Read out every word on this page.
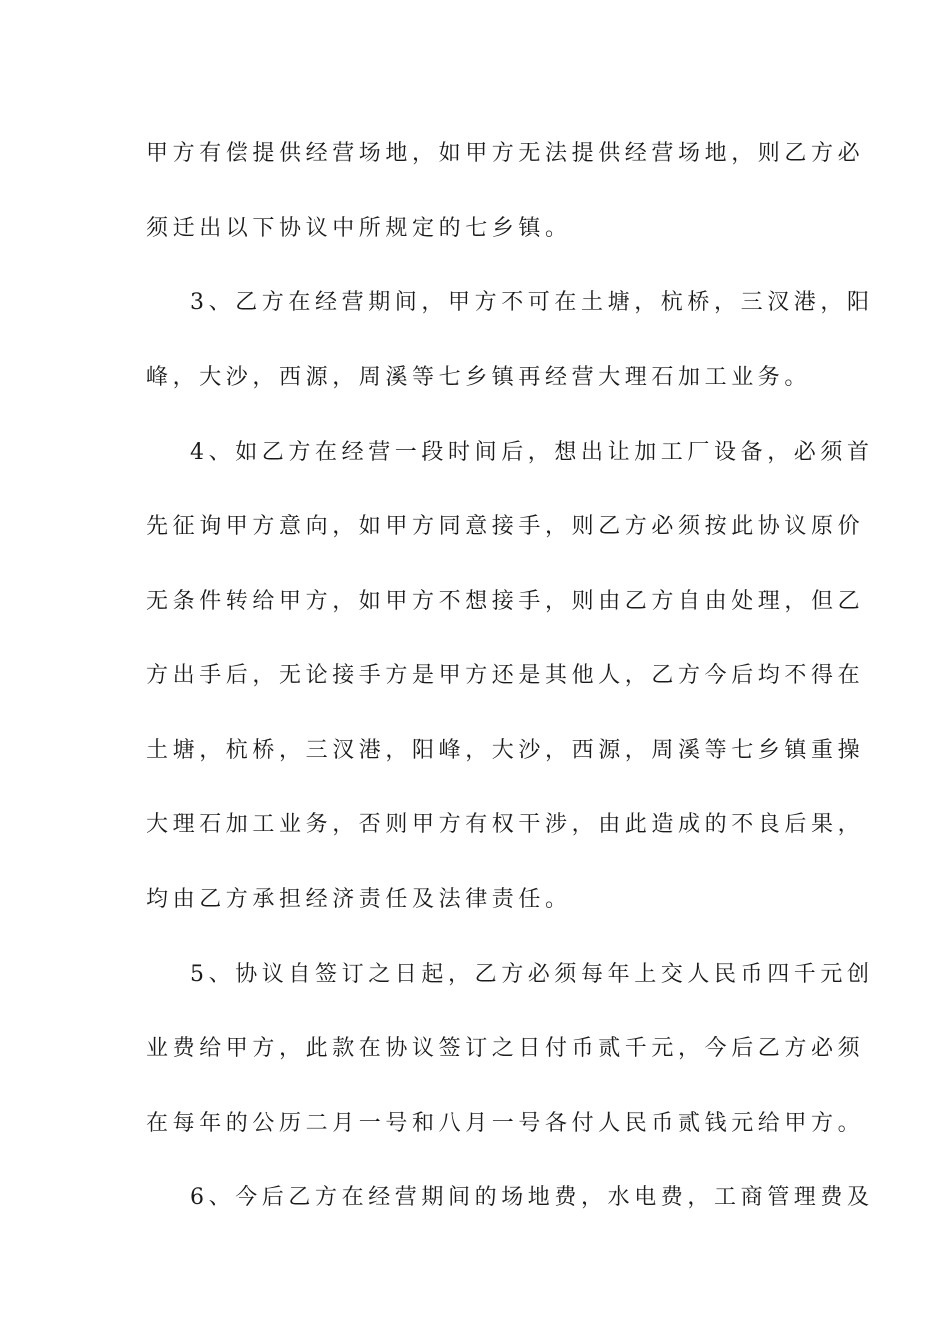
甲方有偿提供经营场地，如甲方无法提供经营场地，则乙方必
须迁出以下协议中所规定的七乡镇。
3、乙方在经营期间，甲方不可在土塘，杭桥，三汊港，阳
峰，大沙，西源，周溪等七乡镇再经营大理石加工业务。
4、如乙方在经营一段时间后，想出让加工厂设备，必须首
先征询甲方意向，如甲方同意接手，则乙方必须按此协议原价
无条件转给甲方，如甲方不想接手，则由乙方自由处理，但乙
方出手后，无论接手方是甲方还是其他人，乙方今后均不得在
土塘，杭桥，三汊港，阳峰，大沙，西源，周溪等七乡镇重操
大理石加工业务，否则甲方有权干涉，由此造成的不良后果，
均由乙方承担经济责任及法律责任。
5、协议自签订之日起，乙方必须每年上交人民币四千元创
业费给甲方，此款在协议签订之日付币贰千元，今后乙方必须
在每年的公历二月一号和八月一号各付人民币贰钱元给甲方。
6、今后乙方在经营期间的场地费，水电费，工商管理费及
